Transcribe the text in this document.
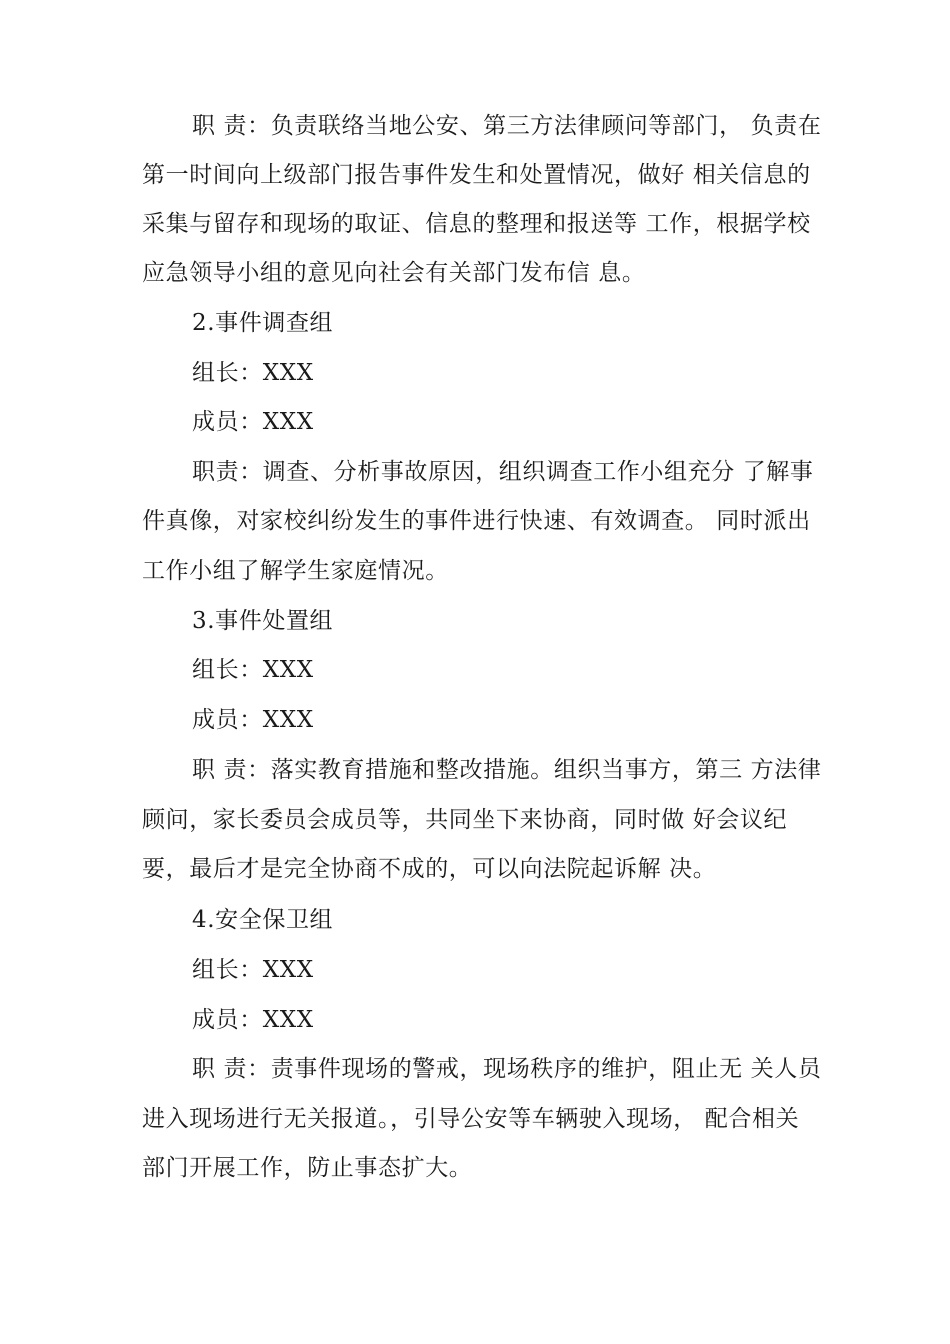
职 责：负责联络当地公安、第三方法律顾问等部门， 负责在
第一时间向上级部门报告事件发生和处置情况，做好 相关信息的
采集与留存和现场的取证、信息的整理和报送等 工作，根据学校
应急领导小组的意见向社会有关部门发布信 息。
2.事件调查组
组长：XXX
成员：XXX
职责：调查、分析事故原因，组织调查工作小组充分 了解事
件真像，对家校纠纷发生的事件进行快速、有效调查。 同时派出
工作小组了解学生家庭情况。
3.事件处置组
组长：XXX
成员：XXX
职 责：落实教育措施和整改措施。组织当事方，第三 方法律
顾问，家长委员会成员等，共同坐下来协商，同时做 好会议纪
要，最后才是完全协商不成的，可以向法院起诉解 决。
4.安全保卫组
组长：XXX
成员：XXX
职 责：责事件现场的警戒，现场秩序的维护，阻止无 关人员
进入现场进行无关报道。，引导公安等车辆驶入现场， 配合相关
部门开展工作，防止事态扩大。
